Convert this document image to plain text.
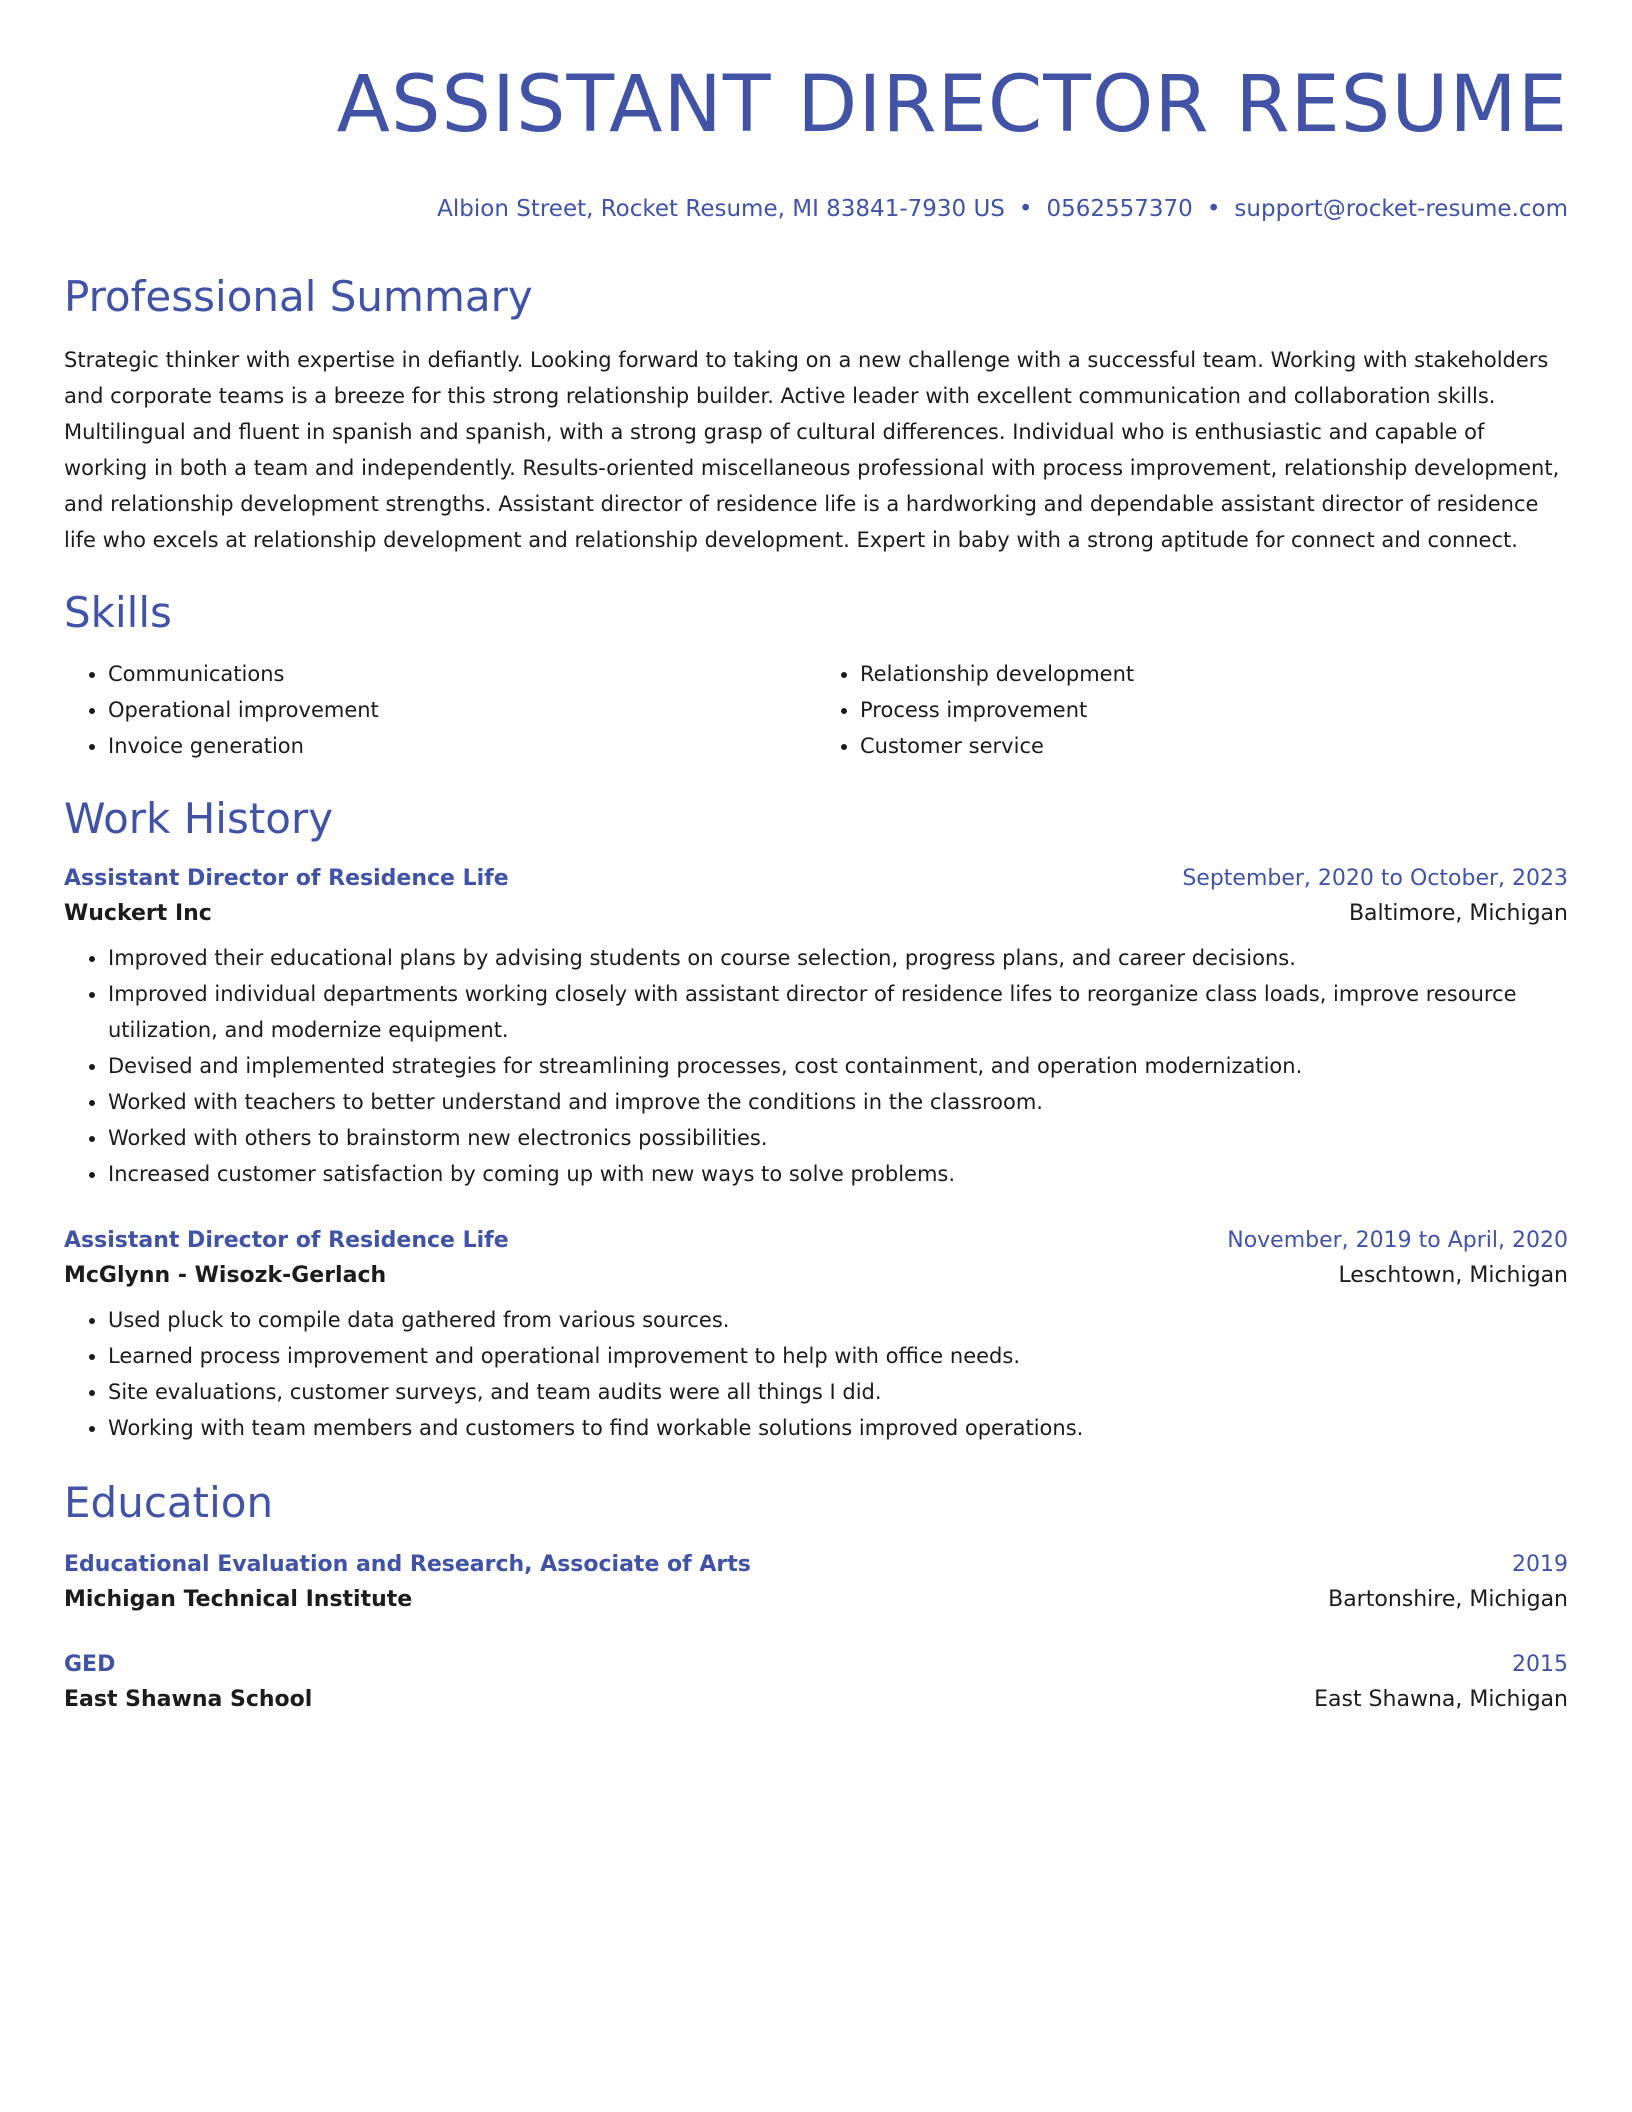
ASSISTANT DIRECTOR RESUME
Albion Street, Rocket Resume, MI 83841-7930 US • 0562557370 • support@rocket-resume.com
Professional Summary
Strategic thinker with expertise in defiantly. Looking forward to taking on a new challenge with a successful team. Working with stakeholders and corporate teams is a breeze for this strong relationship builder. Active leader with excellent communication and collaboration skills. Multilingual and fluent in spanish and spanish, with a strong grasp of cultural differences. Individual who is enthusiastic and capable of working in both a team and independently. Results-oriented miscellaneous professional with process improvement, relationship development, and relationship development strengths. Assistant director of residence life is a hardworking and dependable assistant director of residence life who excels at relationship development and relationship development. Expert in baby with a strong aptitude for connect and connect.
Skills
• Communications
• Operational improvement
• Invoice generation
• Relationship development
• Process improvement
• Customer service
Work History
Assistant Director of Residence Life	September, 2020 to October, 2023
Wuckert Inc	Baltimore, Michigan
• Improved their educational plans by advising students on course selection, progress plans, and career decisions.
• Improved individual departments working closely with assistant director of residence lifes to reorganize class loads, improve resource utilization, and modernize equipment.
• Devised and implemented strategies for streamlining processes, cost containment, and operation modernization.
• Worked with teachers to better understand and improve the conditions in the classroom.
• Worked with others to brainstorm new electronics possibilities.
• Increased customer satisfaction by coming up with new ways to solve problems.
Assistant Director of Residence Life	November, 2019 to April, 2020
McGlynn - Wisozk-Gerlach	Leschtown, Michigan
• Used pluck to compile data gathered from various sources.
• Learned process improvement and operational improvement to help with office needs.
• Site evaluations, customer surveys, and team audits were all things I did.
• Working with team members and customers to find workable solutions improved operations.
Education
Educational Evaluation and Research, Associate of Arts	2019
Michigan Technical Institute	Bartonshire, Michigan
GED	2015
East Shawna School	East Shawna, Michigan
